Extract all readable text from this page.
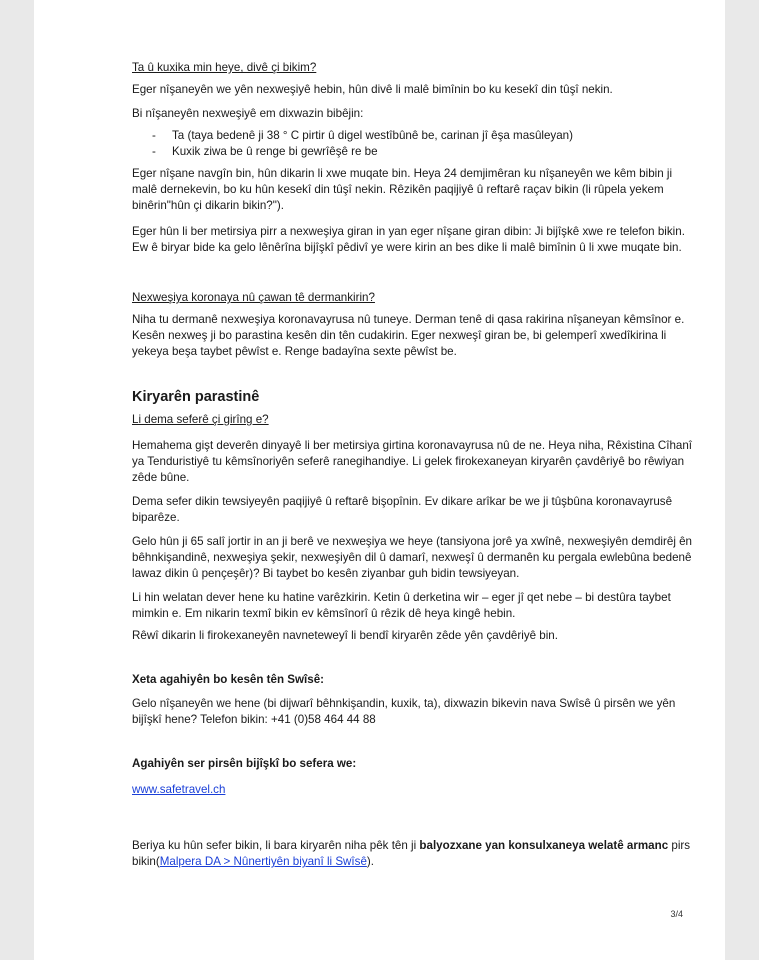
Ta û kuxika min heye, divê çi bikim?

Eger nîşaneyên we yên nexweşiyê hebin, hûn divê li malê bimînin bo ku kesekî din tûşî nekin.

Bi nîşaneyên nexweşiyê em dixwazin bibêjin:

- Ta (taya bedenê ji 38 ° C pirtir û digel westîbûnê be, carinan jî êşa masûleyan)
- Kuxik ziwa be û renge bi gewrîêşê re be

Eger nîşane navgîn bin, hûn dikarin li xwe muqate bin. Heya 24 demjimêran ku nîşaneyên we kêm bibin ji malê dernekevin, bo ku hûn kesekî din tûşî nekin. Rêzikên paqijiyê û reftarê raçav bikin (li rûpela yekem binêrin"hûn çi dikarin bikin?").

Eger hûn li ber metirsiya pirr a nexweşiya giran in yan eger nîşane giran dibin: Ji bijîşkê xwe re telefon bikin. Ew ê biryar bide ka gelo lênêrîna bijîşkî pêdivî ye were kirin an bes dike li malê bimînin û li xwe muqate bin.

Nexweşiya koronaya nû çawan tê dermankirin?

Niha tu dermanê nexweşiya koronavayrusa nû tuneye. Derman tenê di qasa rakirina nîşaneyan kêmsînor e. Kesên nexweş ji bo parastina kesên din tên cudakirin. Eger nexweşî giran be, bi gelemperî xwedîkirina li yekeya beşa taybet pêwîst e. Renge badayîna sexte pêwîst be.

Kiryarên parastinê

Li dema seferê çi girîng e?

Hemahema gişt deverên dinyayê li ber metirsiya girtina koronavayrusa nû de ne. Heya niha, Rêxistina Cîhanî ya Tenduristiyê tu kêmsînoriyên seferê ranegihandiye. Li gelek firokexaneyan kiryarên çavdêriyê bo rêwiyan zêde bûne.

Dema sefer dikin tewsiyeyên paqijiyê û reftarê bişopînin. Ev dikare arîkar be we ji tûşbûna koronavayrusê biparêze.

Gelo hûn ji 65 salî jortir in an ji berê ve nexweşiya we heye (tansiyona jorê ya xwînê, nexweşiyên demdirêj ên bêhnkişandinê, nexweşiya şekir, nexweşiyên dil û damarî, nexweşî û dermanên ku pergala ewlebûna bedenê lawaz dikin û pençeşêr)? Bi taybet bo kesên ziyanbar guh bidin tewsiyeyan.

Li hin welatan dever hene ku hatine varêzkirin. Ketin û derketina wir – eger jî qet nebe – bi destûra taybet mimkin e. Em nikarin texmî bikin ev kêmsînorî û rêzik dê heya kingê hebin.

Rêwî dikarin li firokexaneyên navneteweyî li bendî kiryarên zêde yên çavdêriyê bin.

Xeta agahiyên bo kesên tên Swîsê:

Gelo nîşaneyên we hene (bi dijwarî bêhnkişandin, kuxik, ta), dixwazin bikevin nava Swîsê û pirsên we yên bijîşkî hene? Telefon bikin: +41 (0)58 464 44 88

Agahiyên ser pirsên bijîşkî bo sefera we:

www.safetravel.ch

Beriya ku hûn sefer bikin, li bara kiryarên niha pêk tên ji balyozxane yan konsulxaneya welatê armanc pirs bikin(Malpera DA > Nûnertiyên biyanî li Swîsê).

3/4
